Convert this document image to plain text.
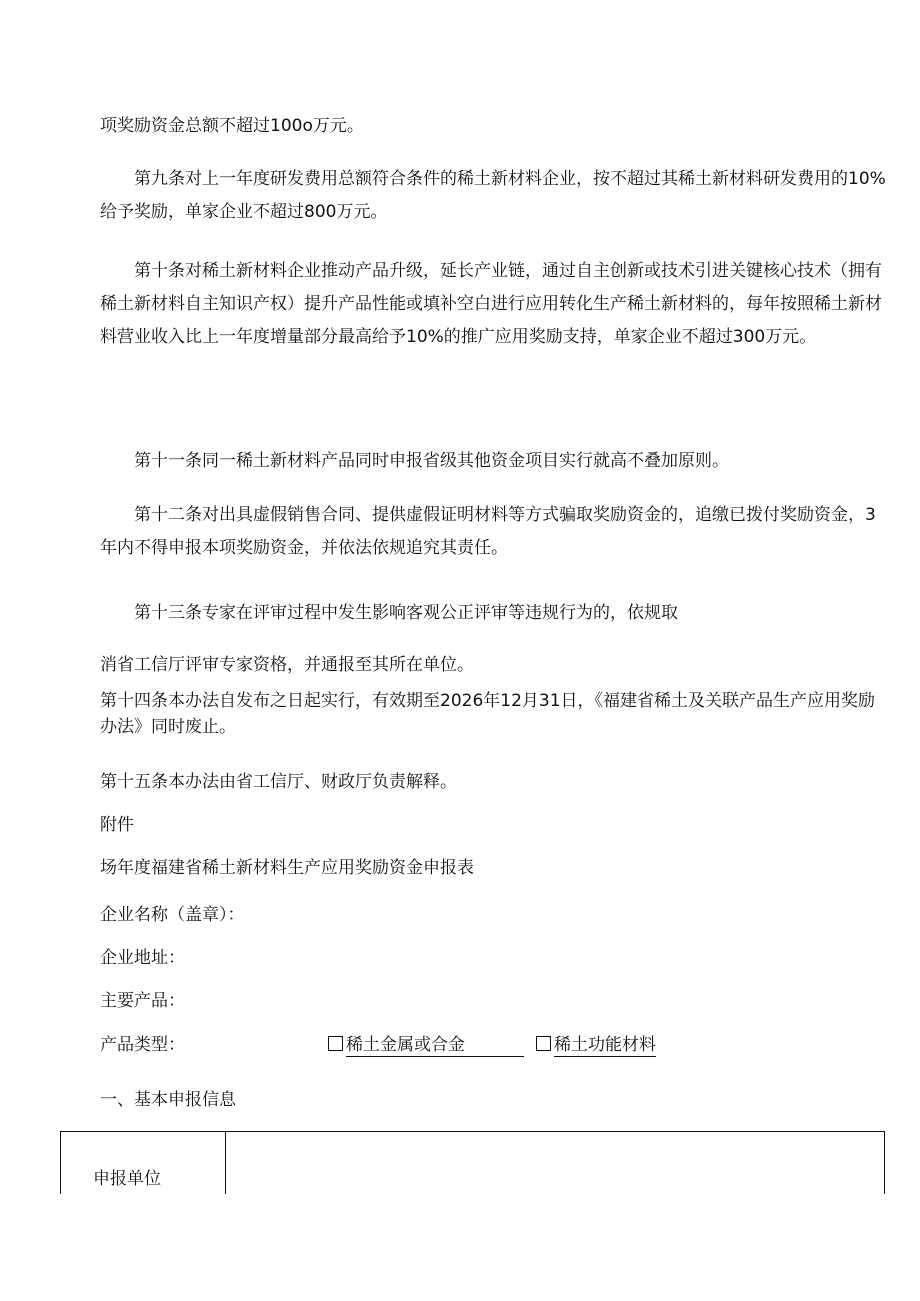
项奖励资金总额不超过100o万元。

第九条对上一年度研发费用总额符合条件的稀土新材料企业，按不超过其稀土新材料研发费用的10%给予奖励，单家企业不超过800万元。

第十条对稀土新材料企业推动产品升级，延长产业链，通过自主创新或技术引进关键核心技术（拥有稀土新材料自主知识产权）提升产品性能或填补空白进行应用转化生产稀土新材料的，每年按照稀土新材料营业收入比上一年度增量部分最高给予10%的推广应用奖励支持，单家企业不超过300万元。

第十一条同一稀土新材料产品同时申报省级其他资金项目实行就高不叠加原则。

第十二条对出具虚假销售合同、提供虚假证明材料等方式骗取奖励资金的，追缴已拨付奖励资金，3年内不得申报本项奖励资金，并依法依规追究其责任。

第十三条专家在评审过程中发生影响客观公正评审等违规行为的，依规取

消省工信厅评审专家资格，并通报至其所在单位。

第十四条本办法自发布之日起实行，有效期至2026年12月31日，《福建省稀土及关联产品生产应用奖励办法》同时废止。

第十五条本办法由省工信厅、财政厅负责解释。

附件
场年度福建省稀土新材料生产应用奖励资金申报表
企业名称（盖章）：
企业地址：
主要产品：
产品类型：	稀土金属或合金	稀土功能材料
一、基本申报信息
申报单位
